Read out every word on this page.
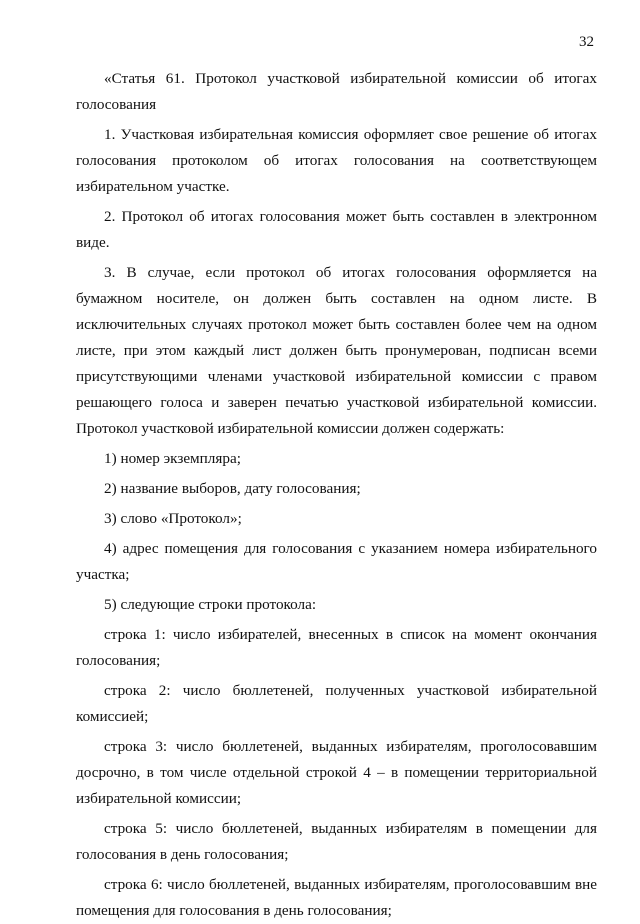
32

«Статья 61. Протокол участковой избирательной комиссии об итогах голосования

1. Участковая избирательная комиссия оформляет свое решение об итогах голосования протоколом об итогах голосования на соответствующем избирательном участке.

2. Протокол об итогах голосования может быть составлен в электронном виде.

3. В случае, если протокол об итогах голосования оформляется на бумажном носителе, он должен быть составлен на одном листе. В исключительных случаях протокол может быть составлен более чем на одном листе, при этом каждый лист должен быть пронумерован, подписан всеми присутствующими членами участковой избирательной комиссии с правом решающего голоса и заверен печатью участковой избирательной комиссии. Протокол участковой избирательной комиссии должен содержать:

1) номер экземпляра;

2) название выборов, дату голосования;

3) слово «Протокол»;

4) адрес помещения для голосования с указанием номера избирательного участка;

5) следующие строки протокола:

строка 1: число избирателей, внесенных в список на момент окончания голосования;

строка 2: число бюллетеней, полученных участковой избирательной комиссией;

строка 3: число бюллетеней, выданных избирателям, проголосовавшим досрочно, в том числе отдельной строкой 4 – в помещении территориальной избирательной комиссии;

строка 5: число бюллетеней, выданных избирателям в помещении для голосования в день голосования;

строка 6: число бюллетеней, выданных избирателям, проголосовавшим вне помещения для голосования в день голосования;
